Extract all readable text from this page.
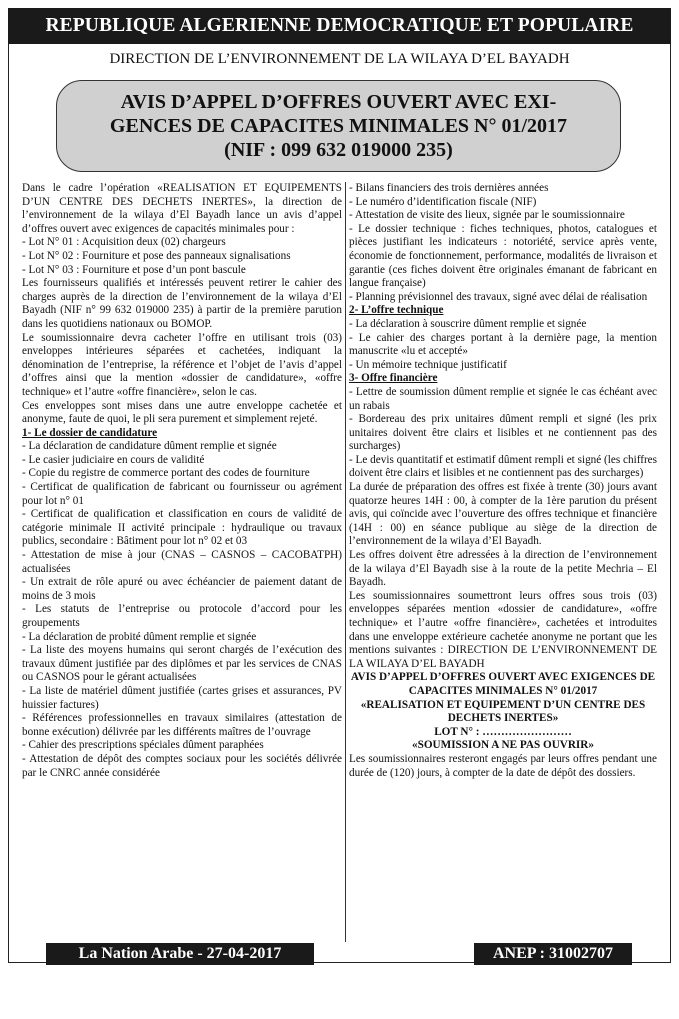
REPUBLIQUE ALGERIENNE DEMOCRATIQUE ET POPULAIRE
DIRECTION DE L’ENVIRONNEMENT DE LA WILAYA D’EL BAYADH
AVIS D’APPEL D’OFFRES OUVERT AVEC EXI-
GENCES DE CAPACITES MINIMALES N° 01/2017
(NIF : 099 632 019000 235)

Dans le cadre l’opération «REALISATION ET EQUIPEMENTS D’UN CENTRE DES DECHETS INERTES», la direction de l’environnement de la wilaya d’El Bayadh lance un avis d’appel d’offres ouvert avec exigences de capacités minimales pour :

- Lot N° 01 : Acquisition deux (02) chargeurs

- Lot N° 02 : Fourniture et pose des panneaux signalisations

- Lot N° 03 : Fourniture et pose d’un pont bascule

Les fournisseurs qualifiés et intéressés peuvent retirer le cahier des charges auprès de la direction de l’environnement de la wilaya d’El Bayadh (NIF n° 99 632 019000 235) à partir de la première parution dans les quotidiens nationaux ou BOMOP.

Le soumissionnaire devra cacheter l’offre en utilisant trois (03) enveloppes intérieures séparées et cachetées, indiquant la dénomination de l’entreprise, la référence et l’objet de l’avis d’appel d’offres ainsi que la mention «dossier de candidature», «offre technique» et l’autre «offre financière», selon le cas.

Ces enveloppes sont mises dans une autre enveloppe cachetée et anonyme, faute de quoi, le pli sera purement et simplement rejeté.

1- Le dossier de candidature

- La déclaration de candidature dûment remplie et signée

- Le casier judiciaire en cours de validité

- Copie du registre de commerce portant des codes de fourniture

- Certificat de qualification de fabricant ou fournisseur ou agrément pour lot n° 01

- Certificat de qualification et classification en cours de validité de catégorie minimale II activité principale : hydraulique ou travaux publics, secondaire : Bâtiment pour lot n° 02 et 03

- Attestation de mise à jour (CNAS – CASNOS – CACOBATPH) actualisées

- Un extrait de rôle apuré ou avec échéancier de paiement datant de moins de 3 mois

- Les statuts de l’entreprise ou protocole d’accord pour les groupements

- La déclaration de probité dûment remplie et signée

- La liste des moyens humains qui seront chargés de l’exécution des travaux dûment justifiée par des diplômes et par les services de CNAS ou CASNOS pour le gérant actualisées

- La liste de matériel dûment justifiée (cartes grises et assurances, PV huissier factures)

- Références professionnelles en travaux similaires (attestation de bonne exécution) délivrée par les différents maîtres de l’ouvrage

- Cahier des prescriptions spéciales dûment paraphées

- Attestation de dépôt des comptes sociaux pour les sociétés délivrée par le CNRC année considérée

- Bilans financiers des trois dernières années

- Le numéro d’identification fiscale (NIF)

- Attestation de visite des lieux, signée par le soumissionnaire

- Le dossier technique : fiches techniques, photos, catalogues et pièces justifiant les indicateurs : notoriété, service après vente, économie de fonctionnement, performance, modalités de livraison et garantie (ces fiches doivent être originales émanant de fabricant en langue française)

- Planning prévisionnel des travaux, signé avec délai de réalisation

2- L’offre technique

- La déclaration à souscrire dûment remplie et signée

- Le cahier des charges portant à la dernière page, la mention manuscrite «lu et accepté»

- Un mémoire technique justificatif

3- Offre financière

- Lettre de soumission dûment remplie et signée le cas échéant avec un rabais

- Bordereau des prix unitaires dûment rempli et signé (les prix unitaires doivent être clairs et lisibles et ne contiennent pas des surcharges)

- Le devis quantitatif et estimatif dûment rempli et signé (les chiffres doivent être clairs et lisibles et ne contiennent pas des surcharges)

La durée de préparation des offres est fixée à trente (30) jours avant quatorze heures 14H : 00, à compter de la 1ère parution du présent avis, qui coïncide avec l’ouverture des offres technique et financière (14H : 00) en séance publique au siège de la direction de l’environnement de la wilaya d’El Bayadh.

Les offres doivent être adressées à la direction de l’environnement de la wilaya d’El Bayadh sise à la route de la petite Mechria – El Bayadh.

Les soumissionnaires soumettront leurs offres sous trois (03) enveloppes séparées mention «dossier de candidature», «offre technique» et l’autre «offre financière», cachetées et introduites dans une enveloppe extérieure cachetée anonyme ne portant que les mentions suivantes : DIRECTION DE L’ENVIRONNEMENT DE LA WILAYA D’EL BAYADH

AVIS D’APPEL D’OFFRES OUVERT AVEC EXIGENCES DE CAPACITES MINIMALES N° 01/2017

«REALISATION ET EQUIPEMENT D’UN CENTRE DES DECHETS INERTES»

LOT N° : ……………………

«SOUMISSION A NE PAS OUVRIR»

Les soumissionnaires resteront engagés par leurs offres pendant une durée de (120) jours, à compter de la date de dépôt des dossiers.

La Nation Arabe - 27-04-2017	ANEP : 31002707
